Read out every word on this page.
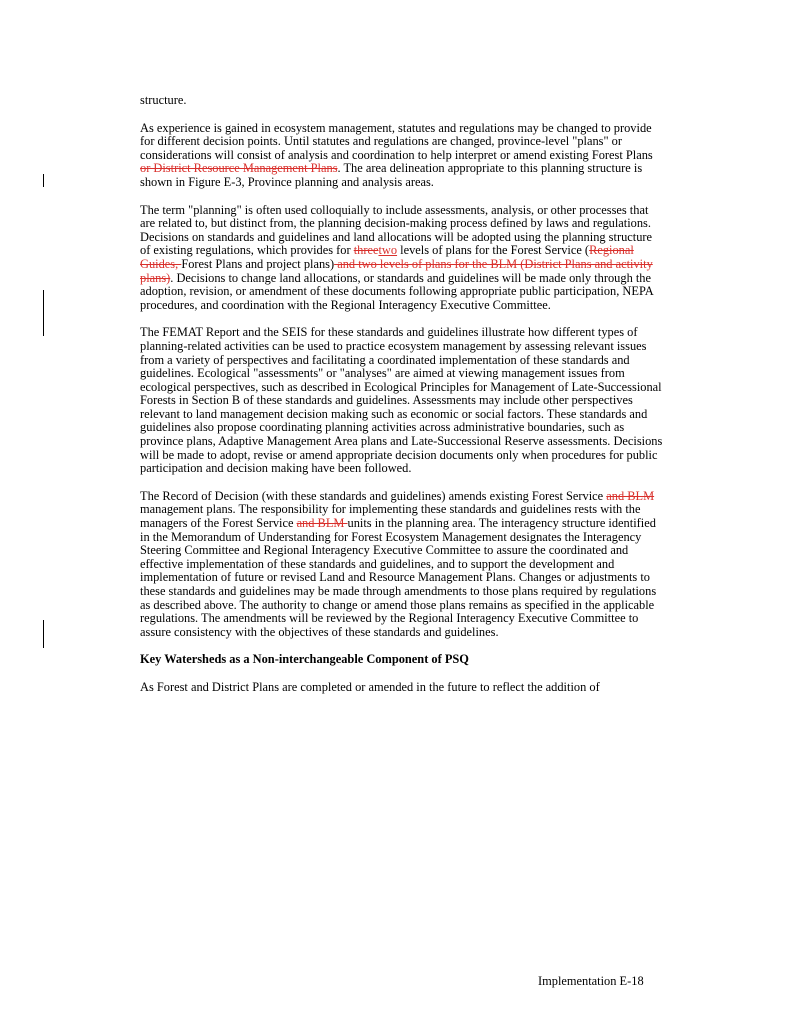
structure.

As experience is gained in ecosystem management, statutes and regulations may be changed to provide for different decision points. Until statutes and regulations are changed, province-level "plans" or considerations will consist of analysis and coordination to help interpret or amend existing Forest Plans or District Resource Management Plans. The area delineation appropriate to this planning structure is shown in Figure E-3, Province planning and analysis areas.

The term "planning" is often used colloquially to include assessments, analysis, or other processes that are related to, but distinct from, the planning decision-making process defined by laws and regulations. Decisions on standards and guidelines and land allocations will be adopted using the planning structure of existing regulations, which provides for threetwo levels of plans for the Forest Service (Regional Guides, Forest Plans and project plans) and two levels of plans for the BLM (District Plans and activity plans). Decisions to change land allocations, or standards and guidelines will be made only through the adoption, revision, or amendment of these documents following appropriate public participation, NEPA procedures, and coordination with the Regional Interagency Executive Committee.

The FEMAT Report and the SEIS for these standards and guidelines illustrate how different types of planning-related activities can be used to practice ecosystem management by assessing relevant issues from a variety of perspectives and facilitating a coordinated implementation of these standards and guidelines. Ecological "assessments" or "analyses" are aimed at viewing management issues from ecological perspectives, such as described in Ecological Principles for Management of Late-Successional Forests in Section B of these standards and guidelines. Assessments may include other perspectives relevant to land management decision making such as economic or social factors. These standards and guidelines also propose coordinating planning activities across administrative boundaries, such as province plans, Adaptive Management Area plans and Late-Successional Reserve assessments. Decisions will be made to adopt, revise or amend appropriate decision documents only when procedures for public participation and decision making have been followed.

The Record of Decision (with these standards and guidelines) amends existing Forest Service and BLM management plans. The responsibility for implementing these standards and guidelines rests with the managers of the Forest Service and BLM units in the planning area. The interagency structure identified in the Memorandum of Understanding for Forest Ecosystem Management designates the Interagency Steering Committee and Regional Interagency Executive Committee to assure the coordinated and effective implementation of these standards and guidelines, and to support the development and implementation of future or revised Land and Resource Management Plans. Changes or adjustments to these standards and guidelines may be made through amendments to those plans required by regulations as described above. The authority to change or amend those plans remains as specified in the applicable regulations. The amendments will be reviewed by the Regional Interagency Executive Committee to assure consistency with the objectives of these standards and guidelines.

Key Watersheds as a Non-interchangeable Component of PSQ

As Forest and District Plans are completed or amended in the future to reflect the addition of

Implementation E-18
